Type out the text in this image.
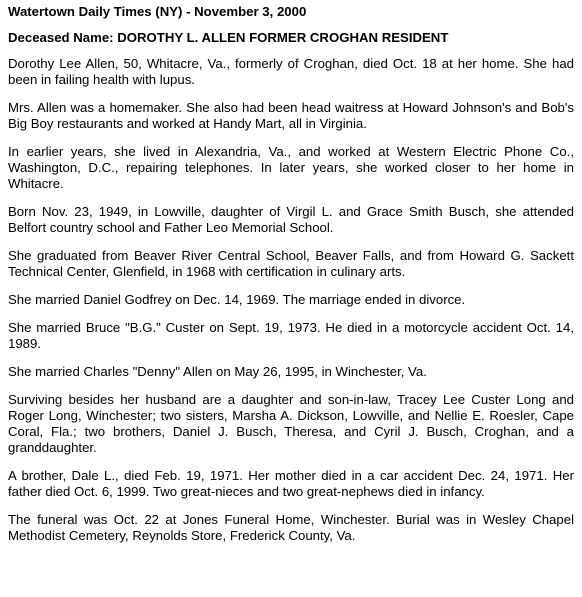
Watertown Daily Times (NY) - November 3, 2000
Deceased Name: DOROTHY L. ALLEN FORMER CROGHAN RESIDENT

Dorothy Lee Allen, 50, Whitacre, Va., formerly of Croghan, died Oct. 18 at her home. She had been in failing health with lupus.

Mrs. Allen was a homemaker. She also had been head waitress at Howard Johnson's and Bob's Big Boy restaurants and worked at Handy Mart, all in Virginia.

In earlier years, she lived in Alexandria, Va., and worked at Western Electric Phone Co., Washington, D.C., repairing telephones. In later years, she worked closer to her home in Whitacre.

Born Nov. 23, 1949, in Lowville, daughter of Virgil L. and Grace Smith Busch, she attended Belfort country school and Father Leo Memorial School.

She graduated from Beaver River Central School, Beaver Falls, and from Howard G. Sackett Technical Center, Glenfield, in 1968 with certification in culinary arts.

She married Daniel Godfrey on Dec. 14, 1969. The marriage ended in divorce.

She married Bruce "B.G." Custer on Sept. 19, 1973. He died in a motorcycle accident Oct. 14, 1989.

She married Charles "Denny" Allen on May 26, 1995, in Winchester, Va.

Surviving besides her husband are a daughter and son-in-law, Tracey Lee Custer Long and Roger Long, Winchester; two sisters, Marsha A. Dickson, Lowville, and Nellie E. Roesler, Cape Coral, Fla.; two brothers, Daniel J. Busch, Theresa, and Cyril J. Busch, Croghan, and a granddaughter.

A brother, Dale L., died Feb. 19, 1971. Her mother died in a car accident Dec. 24, 1971. Her father died Oct. 6, 1999. Two great-nieces and two great-nephews died in infancy.

The funeral was Oct. 22 at Jones Funeral Home, Winchester. Burial was in Wesley Chapel Methodist Cemetery, Reynolds Store, Frederick County, Va.
